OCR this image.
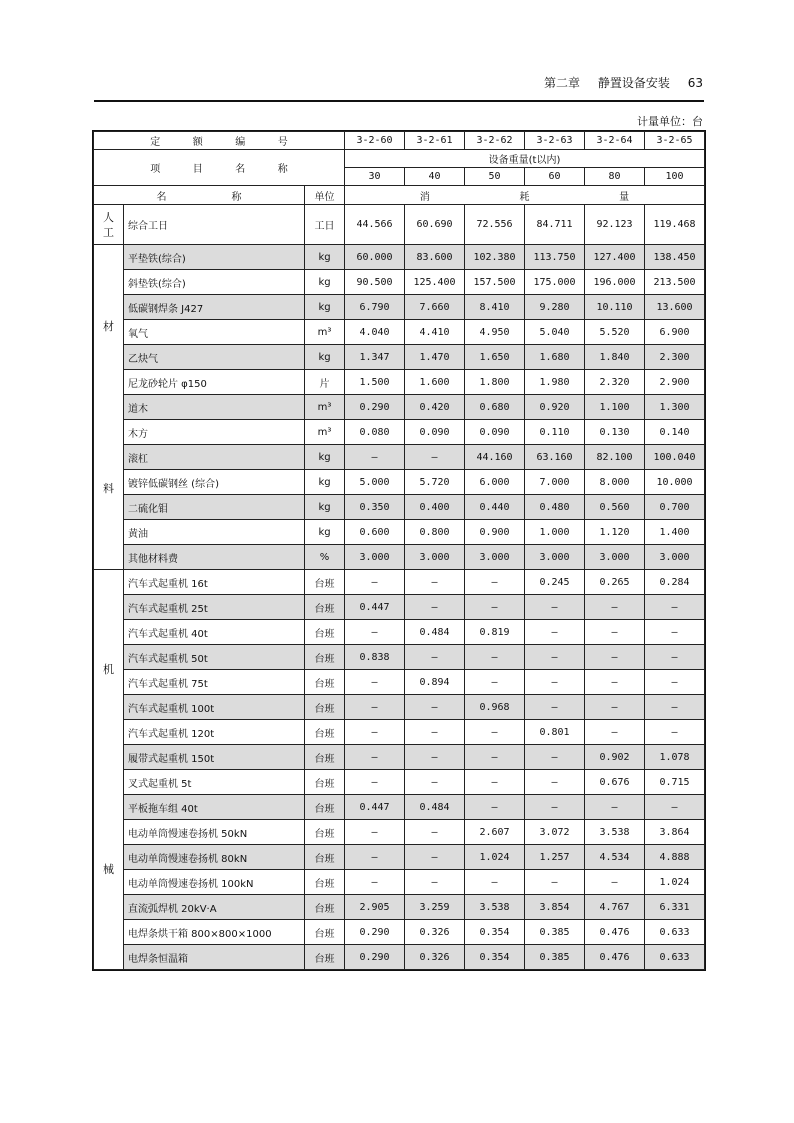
第二章 静置设备安装 63
计量单位：台
定 额 编 号			3-2-60	3-2-61	3-2-62	3-2-63	3-2-64	3-2-65

项 目 名 称			设备重量(t以内)					
			30	40	50	60	80	100

名 称		单位	消 耗 量					

人工	综合工日	工日	44.566	60.690	72.556	84.711	92.123	119.468

材
料	平垫铁(综合)	kg	60.000	83.600	102.380	113.750	127.400	138.450
	斜垫铁(综合)	kg	90.500	125.400	157.500	175.000	196.000	213.500
	低碳钢焊条 J427	kg	6.790	7.660	8.410	9.280	10.110	13.600
	氧气	m³	4.040	4.410	4.950	5.040	5.520	6.900
	乙炔气	kg	1.347	1.470	1.650	1.680	1.840	2.300
	尼龙砂轮片 φ150	片	1.500	1.600	1.800	1.980	2.320	2.900
	道木	m³	0.290	0.420	0.680	0.920	1.100	1.300
	木方	m³	0.080	0.090	0.090	0.110	0.130	0.140
	滚杠	kg	—	—	44.160	63.160	82.100	100.040
	镀锌低碳钢丝 (综合)	kg	5.000	5.720	6.000	7.000	8.000	10.000
	二硫化钼	kg	0.350	0.400	0.440	0.480	0.560	0.700
	黄油	kg	0.600	0.800	0.900	1.000	1.120	1.400
	其他材料费	%	3.000	3.000	3.000	3.000	3.000	3.000

机
械	汽车式起重机 16t	台班	—	—	—	0.245	0.265	0.284
	汽车式起重机 25t	台班	0.447	—	—	—	—	—
	汽车式起重机 40t	台班	—	0.484	0.819	—	—	—
	汽车式起重机 50t	台班	0.838	—	—	—	—	—
	汽车式起重机 75t	台班	—	0.894	—	—	—	—
	汽车式起重机 100t	台班	—	—	0.968	—	—	—
	汽车式起重机 120t	台班	—	—	—	0.801	—	—
	履带式起重机 150t	台班	—	—	—	—	0.902	1.078
	叉式起重机 5t	台班	—	—	—	—	0.676	0.715
	平板拖车组 40t	台班	0.447	0.484	—	—	—	—
	电动单筒慢速卷扬机 50kN	台班	—	—	2.607	3.072	3.538	3.864
	电动单筒慢速卷扬机 80kN	台班	—	—	1.024	1.257	4.534	4.888
	电动单筒慢速卷扬机 100kN	台班	—	—	—	—	—	1.024
	直流弧焊机 20kV·A	台班	2.905	3.259	3.538	3.854	4.767	6.331
	电焊条烘干箱 800×800×1000	台班	0.290	0.326	0.354	0.385	0.476	0.633
	电焊条恒温箱	台班	0.290	0.326	0.354	0.385	0.476	0.633
